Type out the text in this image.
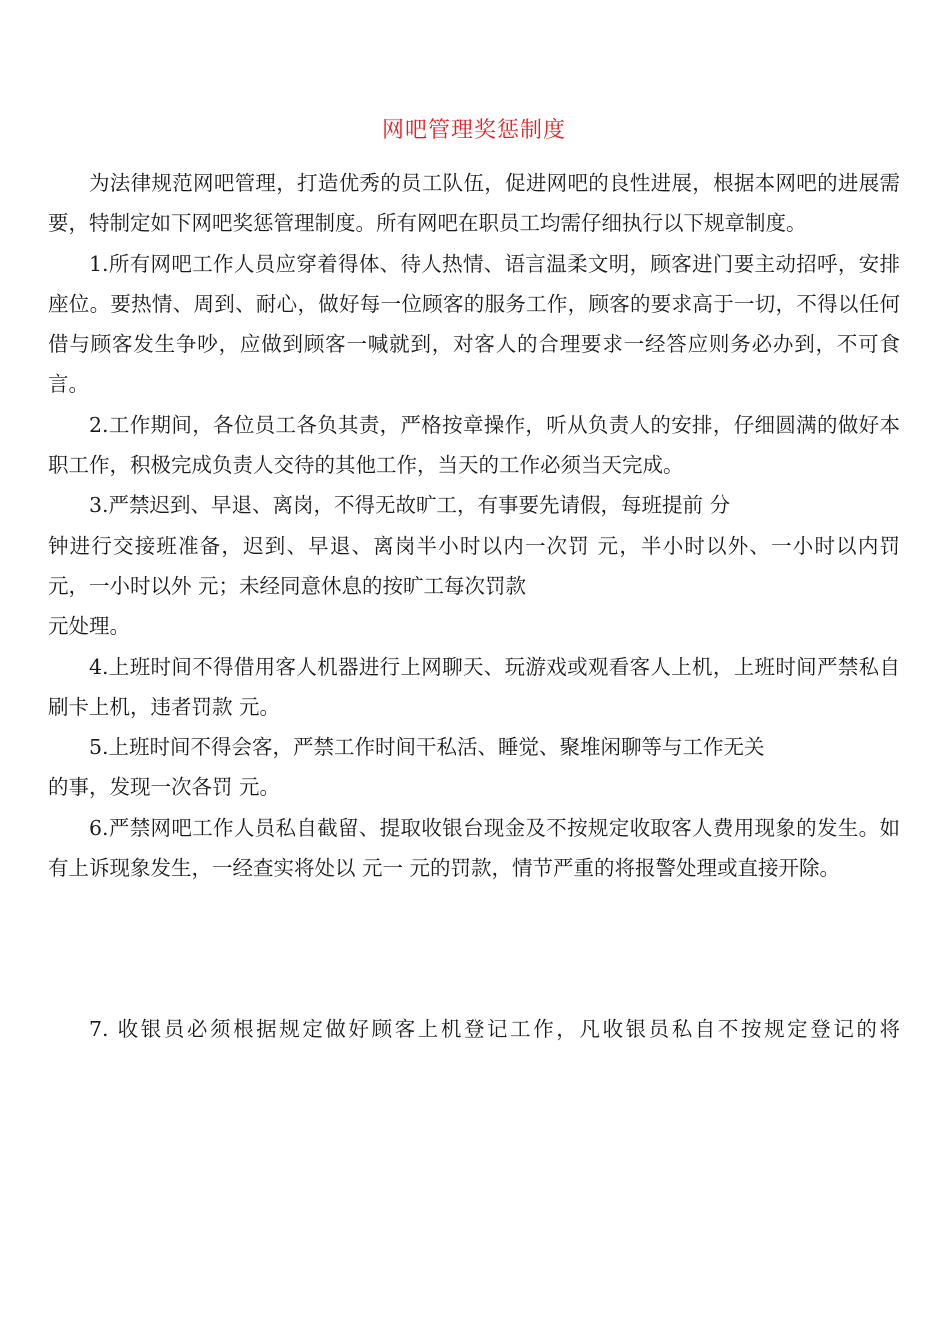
网吧管理奖惩制度

为法律规范网吧管理，打造优秀的员工队伍，促进网吧的良性进展，根据本网吧的进展需要，特制定如下网吧奖惩管理制度。所有网吧在职员工均需仔细执行以下规章制度。

1.所有网吧工作人员应穿着得体、待人热情、语言温柔文明，顾客进门要主动招呼，安排座位。要热情、周到、耐心，做好每一位顾客的服务工作，顾客的要求高于一切，不得以任何借与顾客发生争吵，应做到顾客一喊就到，对客人的合理要求一经答应则务必办到，不可食言。

2.工作期间，各位员工各负其责，严格按章操作，听从负责人的安排，仔细圆满的做好本职工作，积极完成负责人交待的其他工作，当天的工作必须当天完成。

3.严禁迟到、早退、离岗，不得无故旷工，有事要先请假，每班提前 分

钟进行交接班准备，迟到、早退、离岗半小时以内一次罚 元，半小时以外、一小时以内罚 元，一小时以外 元；未经同意休息的按旷工每次罚款

元处理。

4.上班时间不得借用客人机器进行上网聊天、玩游戏或观看客人上机，上班时间严禁私自刷卡上机，违者罚款 元。

5.上班时间不得会客，严禁工作时间干私活、睡觉、聚堆闲聊等与工作无关

的事，发现一次各罚 元。

6.严禁网吧工作人员私自截留、提取收银台现金及不按规定收取客人费用现象的发生。如有上诉现象发生，一经查实将处以 元一 元的罚款，情节严重的将报警处理或直接开除。

7. 收银员必须根据规定做好顾客上机登记工作，凡收银员私自不按规定登记的将
